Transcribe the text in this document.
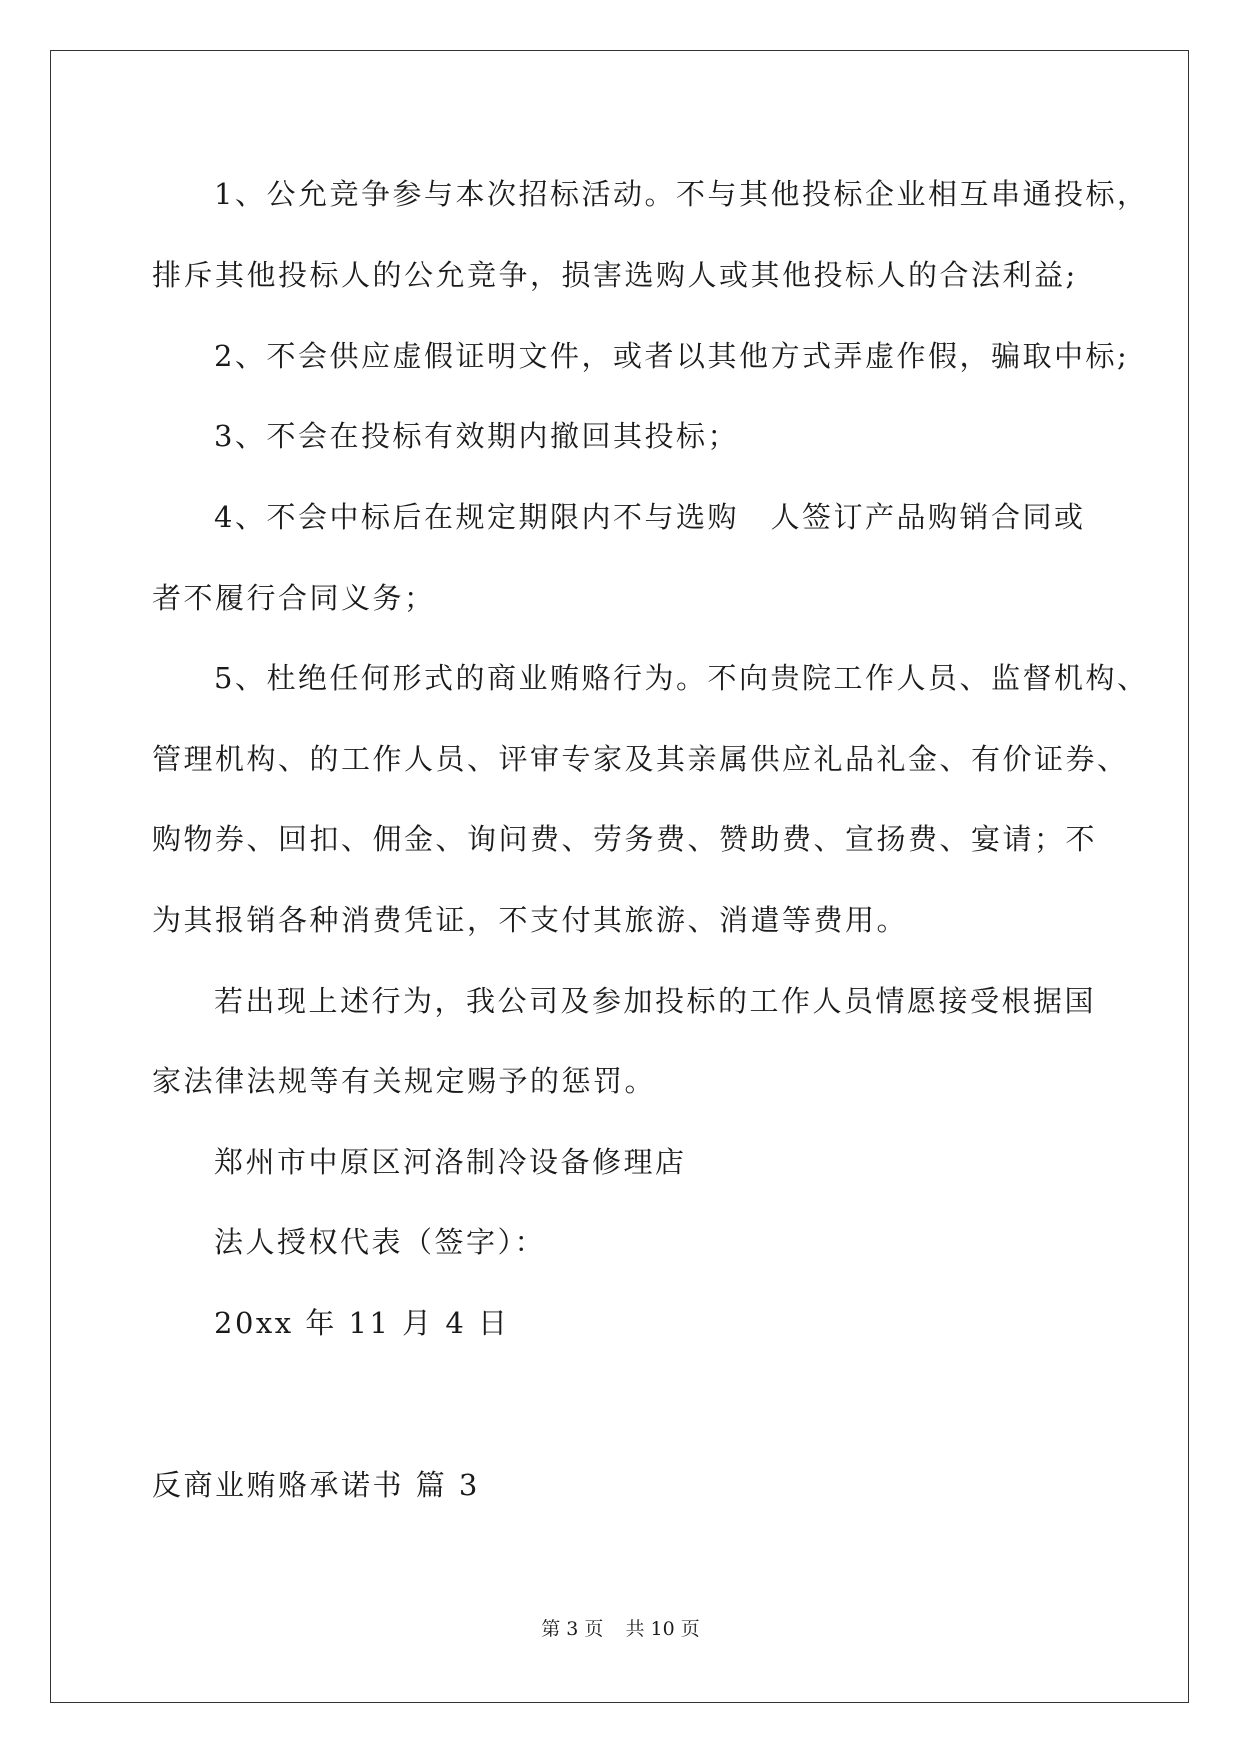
1、公允竞争参与本次招标活动。不与其他投标企业相互串通投标，
排斥其他投标人的公允竞争，损害选购人或其他投标人的合法利益;
2、不会供应虚假证明文件，或者以其他方式弄虚作假，骗取中标;
3、不会在投标有效期内撤回其投标；
4、不会中标后在规定期限内不与选购　人签订产品购销合同或
者不履行合同义务；
5、杜绝任何形式的商业贿赂行为。不向贵院工作人员、监督机构、
管理机构、的工作人员、评审专家及其亲属供应礼品礼金、有价证券、
购物券、回扣、佣金、询问费、劳务费、赞助费、宣扬费、宴请；不
为其报销各种消费凭证，不支付其旅游、消遣等费用。
若出现上述行为，我公司及参加投标的工作人员情愿接受根据国
家法律法规等有关规定赐予的惩罚。
郑州市中原区河洛制冷设备修理店
法人授权代表（签字）：
20xx 年 11 月 4 日
反商业贿赂承诺书 篇 3
第 3 页 共 10 页
